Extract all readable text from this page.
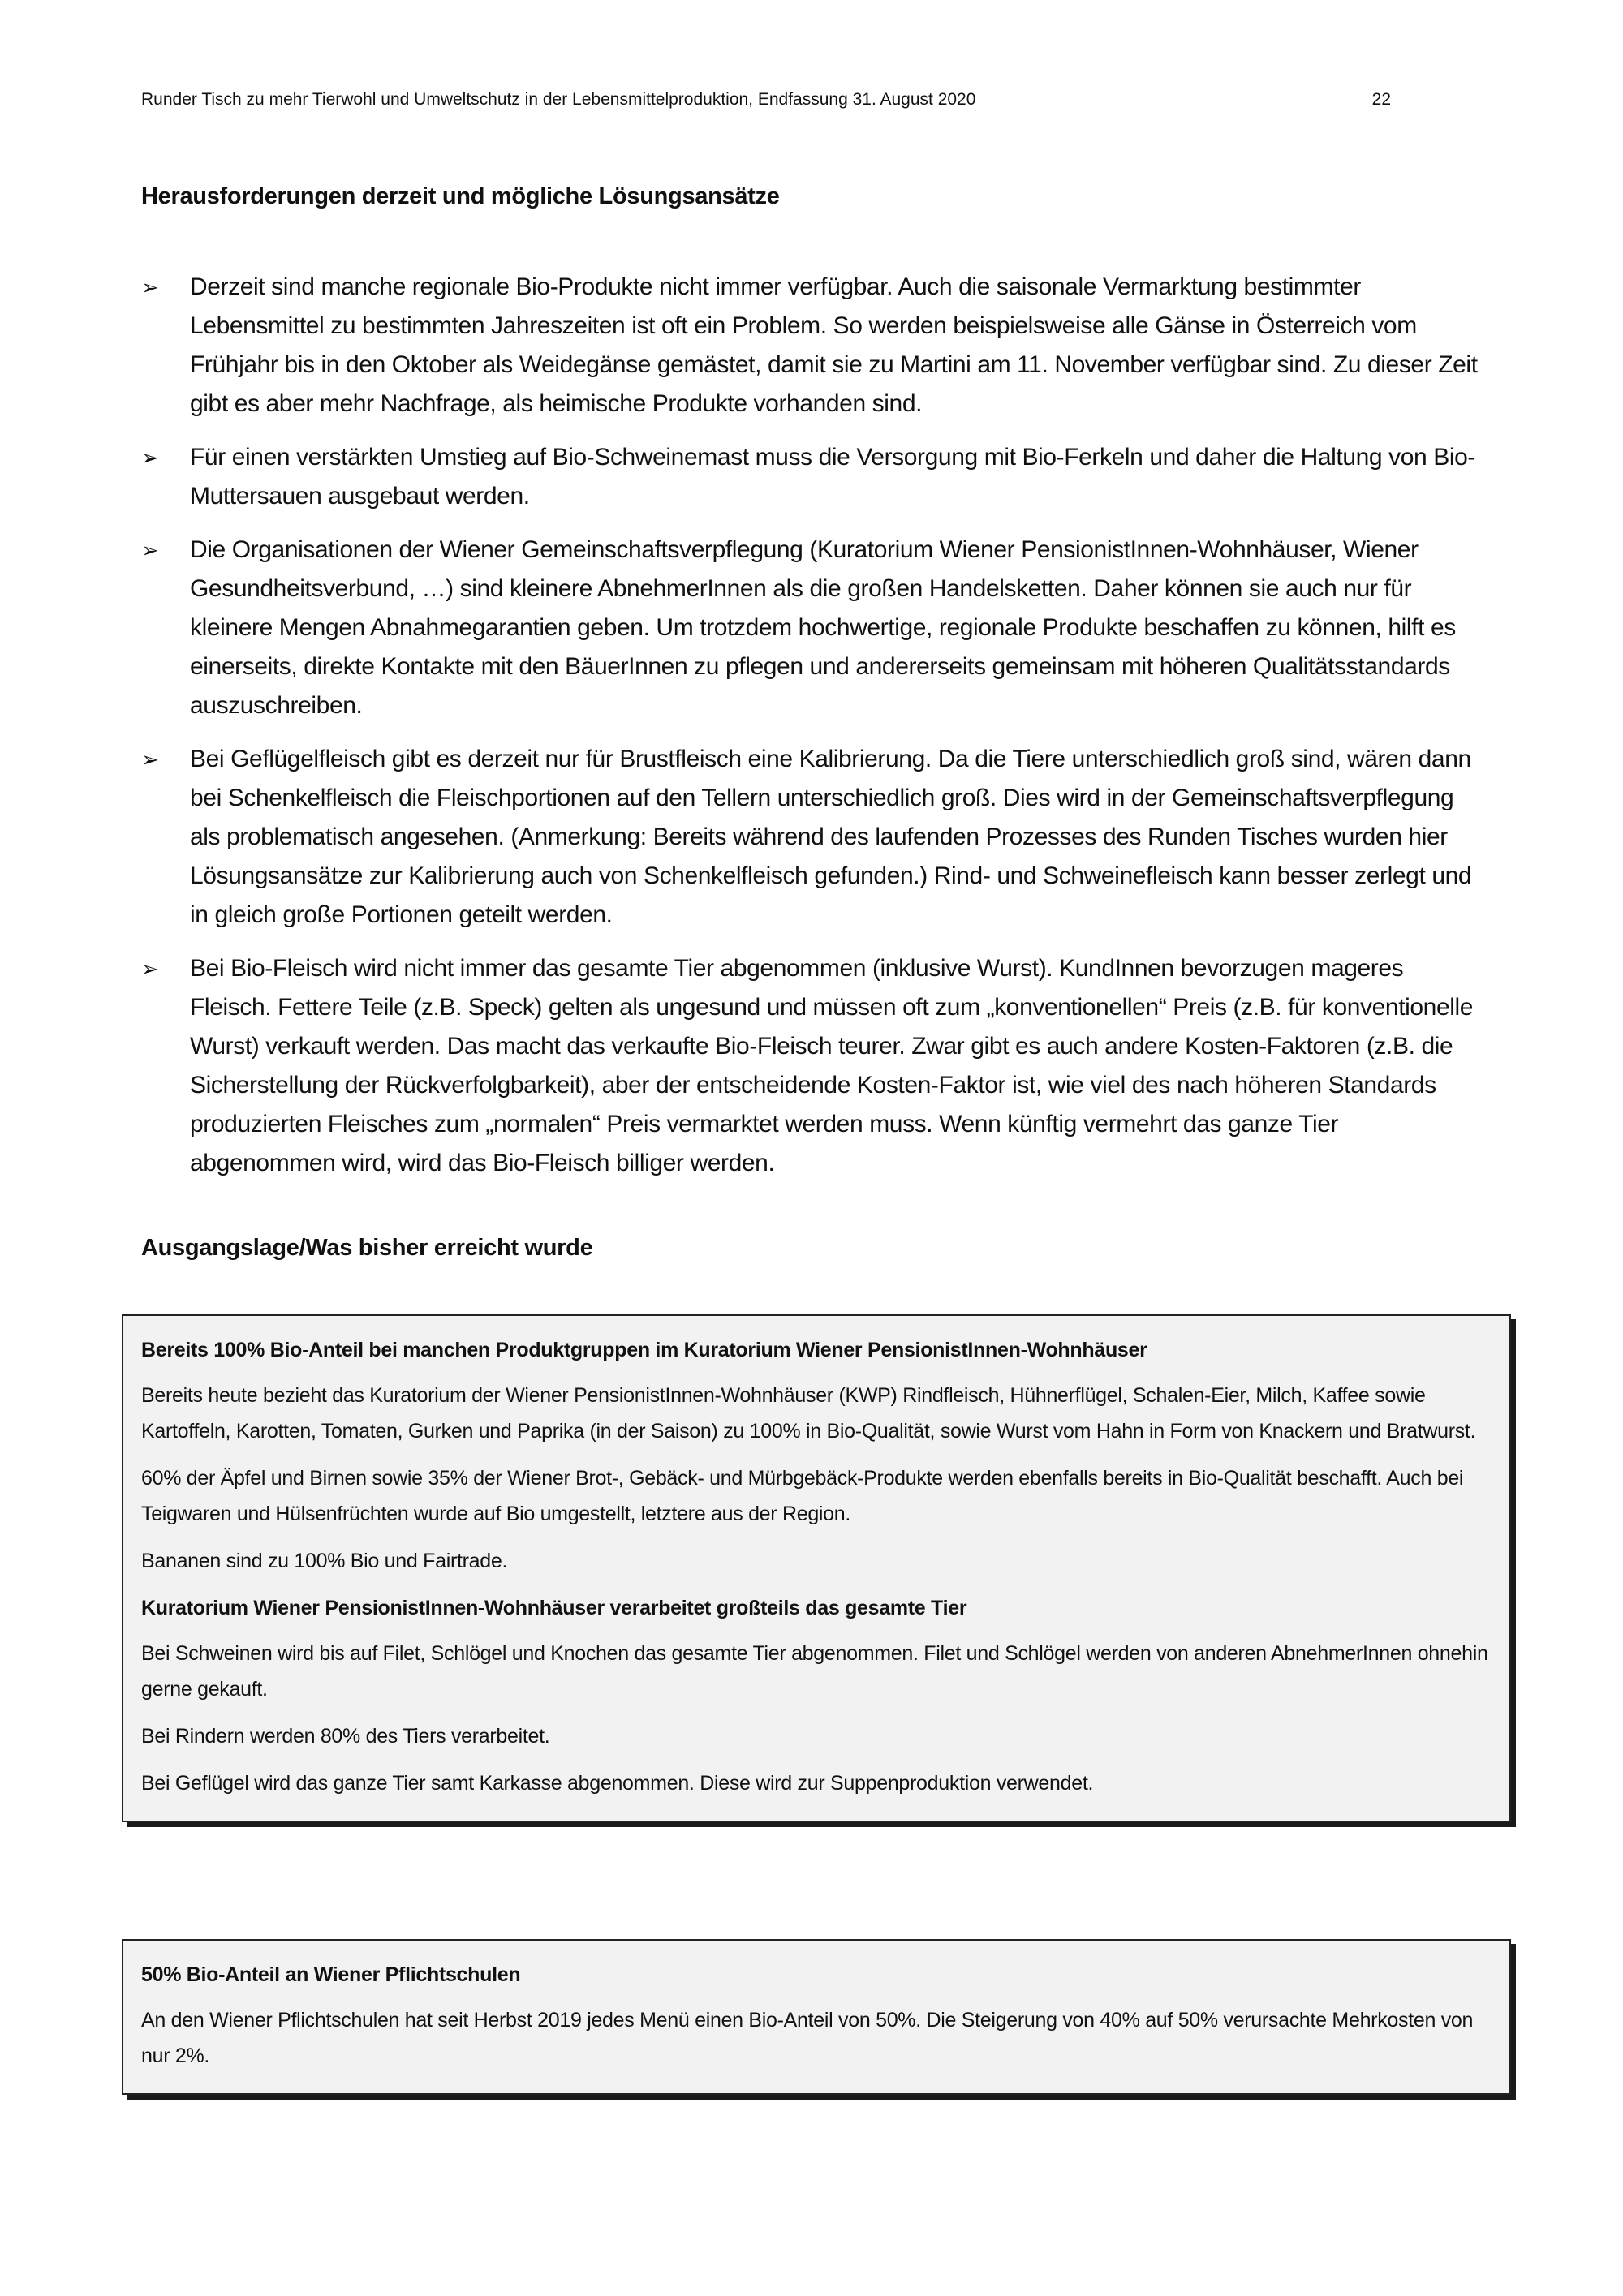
Runder Tisch zu mehr Tierwohl und Umweltschutz in der Lebensmittelproduktion, Endfassung 31. August 2020	22
Herausforderungen derzeit und mögliche Lösungsansätze
➢ Derzeit sind manche regionale Bio-Produkte nicht immer verfügbar. Auch die saisonale Vermarktung bestimmter Lebensmittel zu bestimmten Jahreszeiten ist oft ein Problem. So werden beispielsweise alle Gänse in Österreich vom Frühjahr bis in den Oktober als Weidegänse gemästet, damit sie zu Martini am 11. November verfügbar sind. Zu dieser Zeit gibt es aber mehr Nachfrage, als heimische Produkte vorhanden sind.
➢ Für einen verstärkten Umstieg auf Bio-Schweinemast muss die Versorgung mit Bio-Ferkeln und daher die Haltung von Bio-Muttersauen ausgebaut werden.
➢ Die Organisationen der Wiener Gemeinschaftsverpflegung (Kuratorium Wiener PensionistInnen-Wohnhäuser, Wiener Gesundheitsverbund, …) sind kleinere AbnehmerInnen als die großen Handelsketten. Daher können sie auch nur für kleinere Mengen Abnahmegarantien geben. Um trotzdem hochwertige, regionale Produkte beschaffen zu können, hilft es einerseits, direkte Kontakte mit den BäuerInnen zu pflegen und andererseits gemeinsam mit höheren Qualitätsstandards auszuschreiben.
➢ Bei Geflügelfleisch gibt es derzeit nur für Brustfleisch eine Kalibrierung. Da die Tiere unterschiedlich groß sind, wären dann bei Schenkelfleisch die Fleischportionen auf den Tellern unterschiedlich groß. Dies wird in der Gemeinschaftsverpflegung als problematisch angesehen. (Anmerkung: Bereits während des laufenden Prozesses des Runden Tisches wurden hier Lösungsansätze zur Kalibrierung auch von Schenkelfleisch gefunden.) Rind- und Schweinefleisch kann besser zerlegt und in gleich große Portionen geteilt werden.
➢ Bei Bio-Fleisch wird nicht immer das gesamte Tier abgenommen (inklusive Wurst). KundInnen bevorzugen mageres Fleisch. Fettere Teile (z.B. Speck) gelten als ungesund und müssen oft zum „konventionellen“ Preis (z.B. für konventionelle Wurst) verkauft werden. Das macht das verkaufte Bio-Fleisch teurer. Zwar gibt es auch andere Kosten-Faktoren (z.B. die Sicherstellung der Rückverfolgbarkeit), aber der entscheidende Kosten-Faktor ist, wie viel des nach höheren Standards produzierten Fleisches zum „normalen“ Preis vermarktet werden muss. Wenn künftig vermehrt das ganze Tier abgenommen wird, wird das Bio-Fleisch billiger werden.
Ausgangslage/Was bisher erreicht wurde

Bereits 100% Bio-Anteil bei manchen Produktgruppen im Kuratorium Wiener PensionistInnen-Wohnhäuser

Bereits heute bezieht das Kuratorium der Wiener PensionistInnen-Wohnhäuser (KWP) Rindfleisch, Hühnerflügel, Schalen-Eier, Milch, Kaffee sowie Kartoffeln, Karotten, Tomaten, Gurken und Paprika (in der Saison) zu 100% in Bio-Qualität, sowie Wurst vom Hahn in Form von Knackern und Bratwurst.

60% der Äpfel und Birnen sowie 35% der Wiener Brot-, Gebäck- und Mürbgebäck-Produkte werden ebenfalls bereits in Bio-Qualität beschafft. Auch bei Teigwaren und Hülsenfrüchten wurde auf Bio umgestellt, letztere aus der Region.

Bananen sind zu 100% Bio und Fairtrade.

Kuratorium Wiener PensionistInnen-Wohnhäuser verarbeitet großteils das gesamte Tier

Bei Schweinen wird bis auf Filet, Schlögel und Knochen das gesamte Tier abgenommen. Filet und Schlögel werden von anderen AbnehmerInnen ohnehin gerne gekauft.

Bei Rindern werden 80% des Tiers verarbeitet.

Bei Geflügel wird das ganze Tier samt Karkasse abgenommen. Diese wird zur Suppenproduktion verwendet.

50% Bio-Anteil an Wiener Pflichtschulen

An den Wiener Pflichtschulen hat seit Herbst 2019 jedes Menü einen Bio-Anteil von 50%. Die Steigerung von 40% auf 50% verursachte Mehrkosten von nur 2%.
